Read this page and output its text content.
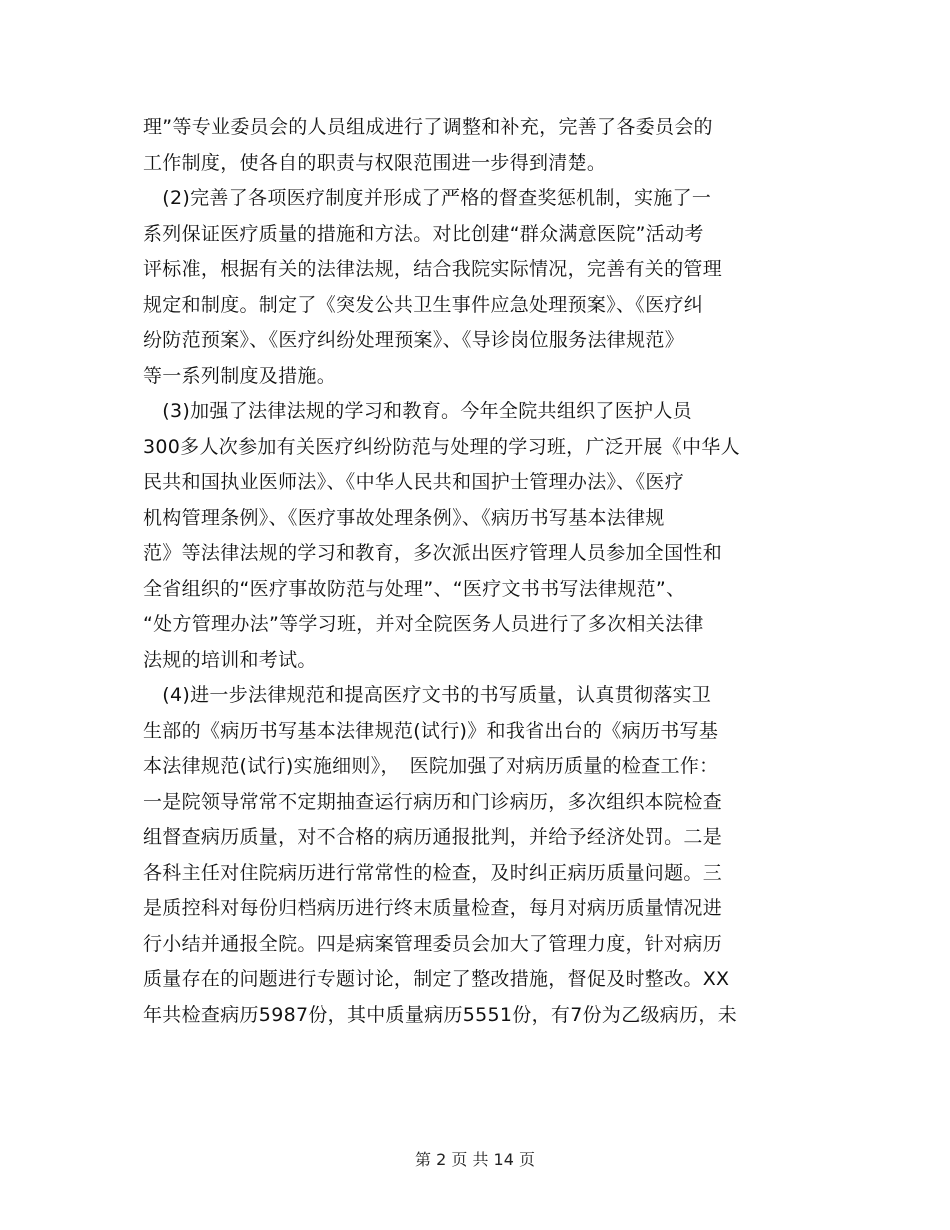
理”等专业委员会的人员组成进行了调整和补充，完善了各委员会的
工作制度，使各自的职责与权限范围进一步得到清楚。
　(2)完善了各项医疗制度并形成了严格的督查奖惩机制，实施了一
系列保证医疗质量的措施和方法。对比创建“群众满意医院”活动考
评标准，根据有关的法律法规，结合我院实际情况，完善有关的管理
规定和制度。制定了《突发公共卫生事件应急处理预案》、《医疗纠
纷防范预案》、《医疗纠纷处理预案》、《导诊岗位服务法律规范》
等一系列制度及措施。
　(3)加强了法律法规的学习和教育。今年全院共组织了医护人员
300多人次参加有关医疗纠纷防范与处理的学习班，广泛开展《中华人
民共和国执业医师法》、《中华人民共和国护士管理办法》、《医疗
机构管理条例》、《医疗事故处理条例》、《病历书写基本法律规
范》等法律法规的学习和教育，多次派出医疗管理人员参加全国性和
全省组织的“医疗事故防范与处理”、“医疗文书书写法律规范”、
“处方管理办法”等学习班，并对全院医务人员进行了多次相关法律
法规的培训和考试。
　(4)进一步法律规范和提高医疗文书的书写质量，认真贯彻落实卫
生部的《病历书写基本法律规范(试行)》和我省出台的《病历书写基
本法律规范(试行)实施细则》，　医院加强了对病历质量的检查工作：
一是院领导常常不定期抽查运行病历和门诊病历，多次组织本院检查
组督查病历质量，对不合格的病历通报批判，并给予经济处罚。二是
各科主任对住院病历进行常常性的检查，及时纠正病历质量问题。三
是质控科对每份归档病历进行终末质量检查，每月对病历质量情况进
行小结并通报全院。四是病案管理委员会加大了管理力度，针对病历
质量存在的问题进行专题讨论，制定了整改措施，督促及时整改。XX
年共检查病历5987份，其中质量病历5551份，有7份为乙级病历，未
第 2 页 共 14 页
